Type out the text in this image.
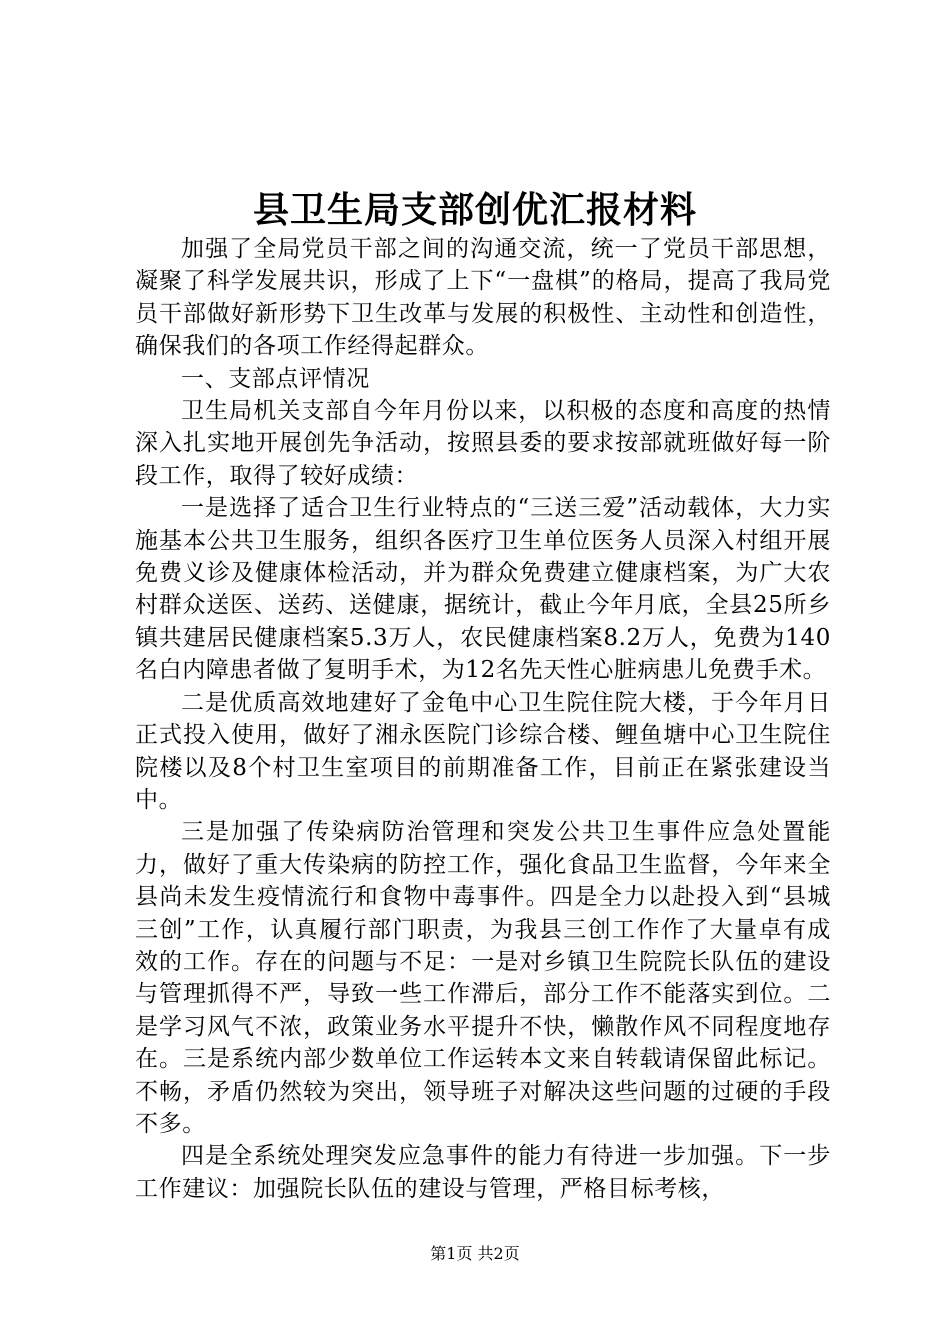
县卫生局支部创优汇报材料

加强了全局党员干部之间的沟通交流，统一了党员干部思想，凝聚了科学发展共识，形成了上下“一盘棋”的格局，提高了我局党员干部做好新形势下卫生改革与发展的积极性、主动性和创造性，确保我们的各项工作经得起群众。

一、支部点评情况

卫生局机关支部自今年月份以来，以积极的态度和高度的热情深入扎实地开展创先争活动，按照县委的要求按部就班做好每一阶段工作，取得了较好成绩：

一是选择了适合卫生行业特点的“三送三爱”活动载体，大力实施基本公共卫生服务，组织各医疗卫生单位医务人员深入村组开展免费义诊及健康体检活动，并为群众免费建立健康档案，为广大农村群众送医、送药、送健康，据统计，截止今年月底，全县25所乡镇共建居民健康档案5.3万人，农民健康档案8.2万人，免费为140名白内障患者做了复明手术，为12名先天性心脏病患儿免费手术。

二是优质高效地建好了金龟中心卫生院住院大楼，于今年月日正式投入使用，做好了湘永医院门诊综合楼、鲤鱼塘中心卫生院住院楼以及8个村卫生室项目的前期准备工作，目前正在紧张建设当中。

三是加强了传染病防治管理和突发公共卫生事件应急处置能力，做好了重大传染病的防控工作，强化食品卫生监督，今年来全县尚未发生疫情流行和食物中毒事件。四是全力以赴投入到“县城三创”工作，认真履行部门职责，为我县三创工作作了大量卓有成效的工作。存在的问题与不足：一是对乡镇卫生院院长队伍的建设与管理抓得不严，导致一些工作滞后，部分工作不能落实到位。二是学习风气不浓，政策业务水平提升不快，懒散作风不同程度地存在。三是系统内部少数单位工作运转本文来自转载请保留此标记。不畅，矛盾仍然较为突出，领导班子对解决这些问题的过硬的手段不多。

四是全系统处理突发应急事件的能力有待进一步加强。下一步工作建议：加强院长队伍的建设与管理，严格目标考核，

第1页 共2页
